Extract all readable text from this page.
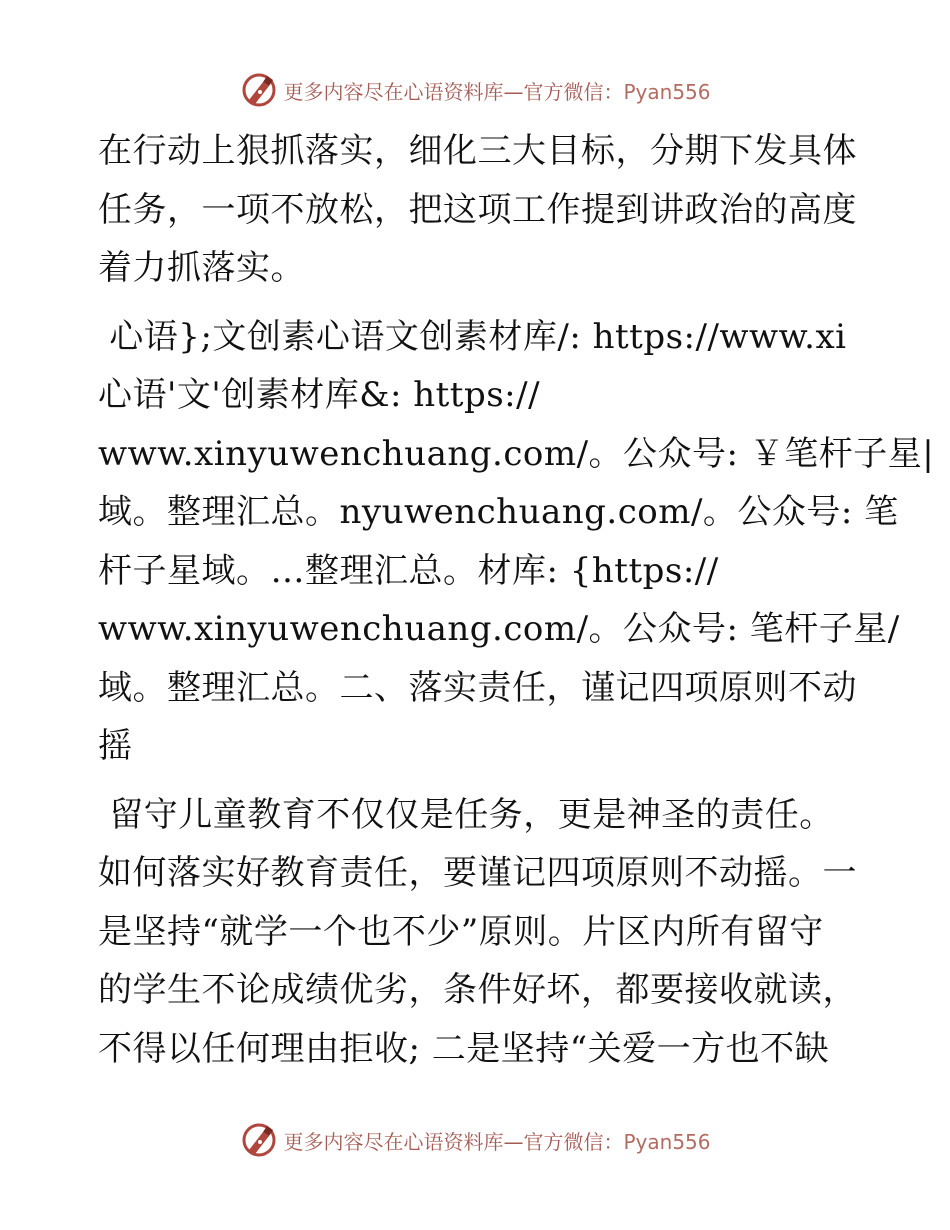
更多内容尽在心语资料库—官方微信：Pyan556

在行动上狠抓落实，细化三大目标，分期下发具体
任务，一项不放松，把这项工作提到讲政治的高度
着力抓落实。

心语};文创素心语文创素材库/: https://www.xi
心语'文'创素材库&: https://
www.xinyuwenchuang.com/。公众号: ￥笔杆子星|
域。整理汇总。nyuwenchuang.com/。公众号: 笔
杆子星域。…整理汇总。材库: {https://
www.xinyuwenchuang.com/。公众号: 笔杆子星/
域。整理汇总。二、落实责任，谨记四项原则不动
摇

留守儿童教育不仅仅是任务，更是神圣的责任。
如何落实好教育责任，要谨记四项原则不动摇。一
是坚持“就学一个也不少”原则。片区内所有留守
的学生不论成绩优劣，条件好坏，都要接收就读，
不得以任何理由拒收; 二是坚持“关爱一方也不缺

更多内容尽在心语资料库—官方微信：Pyan556
